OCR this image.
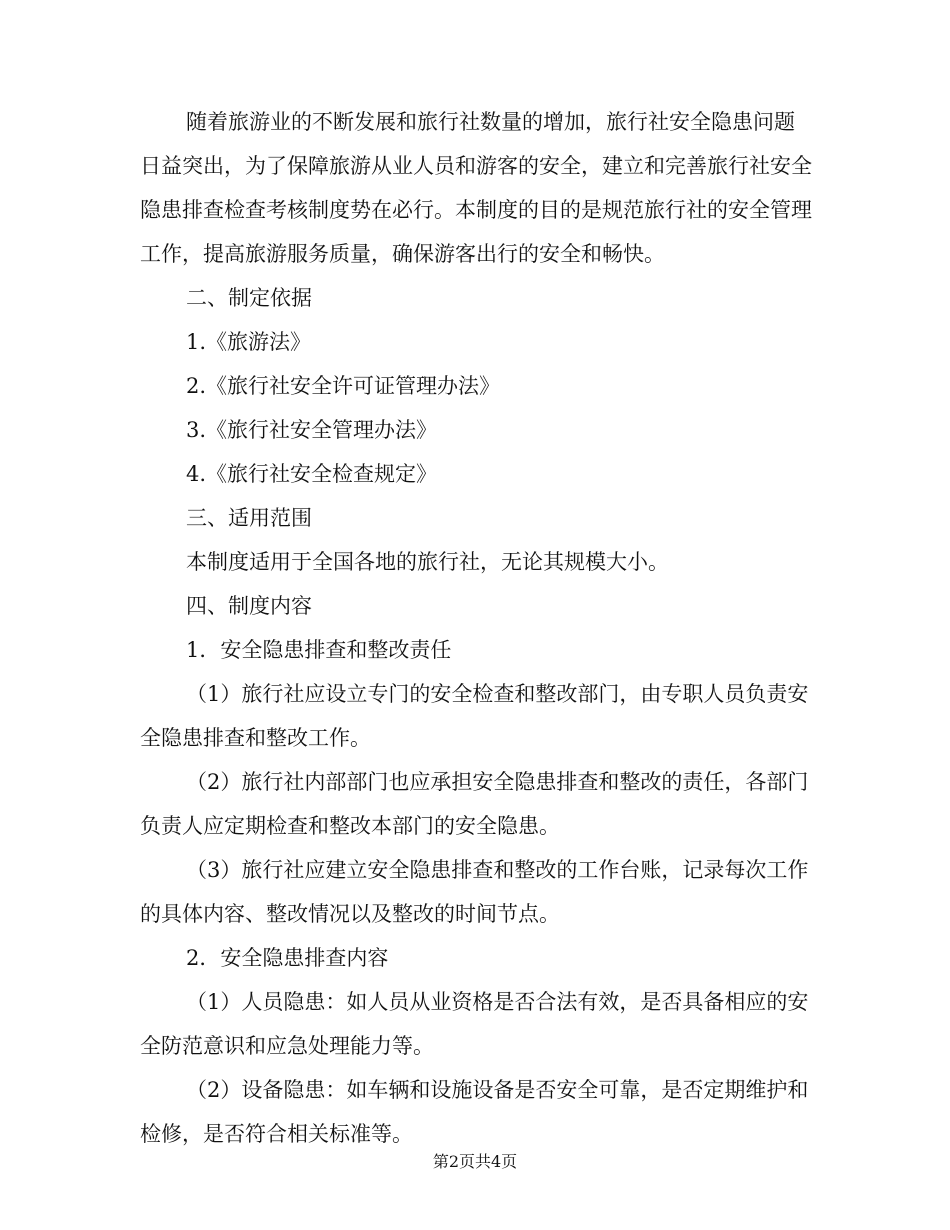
随着旅游业的不断发展和旅行社数量的增加，旅行社安全隐患问题日益突出，为了保障旅游从业人员和游客的安全，建立和完善旅行社安全隐患排查检查考核制度势在必行。本制度的目的是规范旅行社的安全管理工作，提高旅游服务质量，确保游客出行的安全和畅快。

二、制定依据

1.《旅游法》

2.《旅行社安全许可证管理办法》

3.《旅行社安全管理办法》

4.《旅行社安全检查规定》

三、适用范围

本制度适用于全国各地的旅行社，无论其规模大小。

四、制度内容

1．安全隐患排查和整改责任

（1）旅行社应设立专门的安全检查和整改部门，由专职人员负责安全隐患排查和整改工作。

（2）旅行社内部部门也应承担安全隐患排查和整改的责任，各部门负责人应定期检查和整改本部门的安全隐患。

（3）旅行社应建立安全隐患排查和整改的工作台账，记录每次工作的具体内容、整改情况以及整改的时间节点。

2．安全隐患排查内容

（1）人员隐患：如人员从业资格是否合法有效，是否具备相应的安全防范意识和应急处理能力等。

（2）设备隐患：如车辆和设施设备是否安全可靠，是否定期维护和检修，是否符合相关标准等。

第2页共4页
